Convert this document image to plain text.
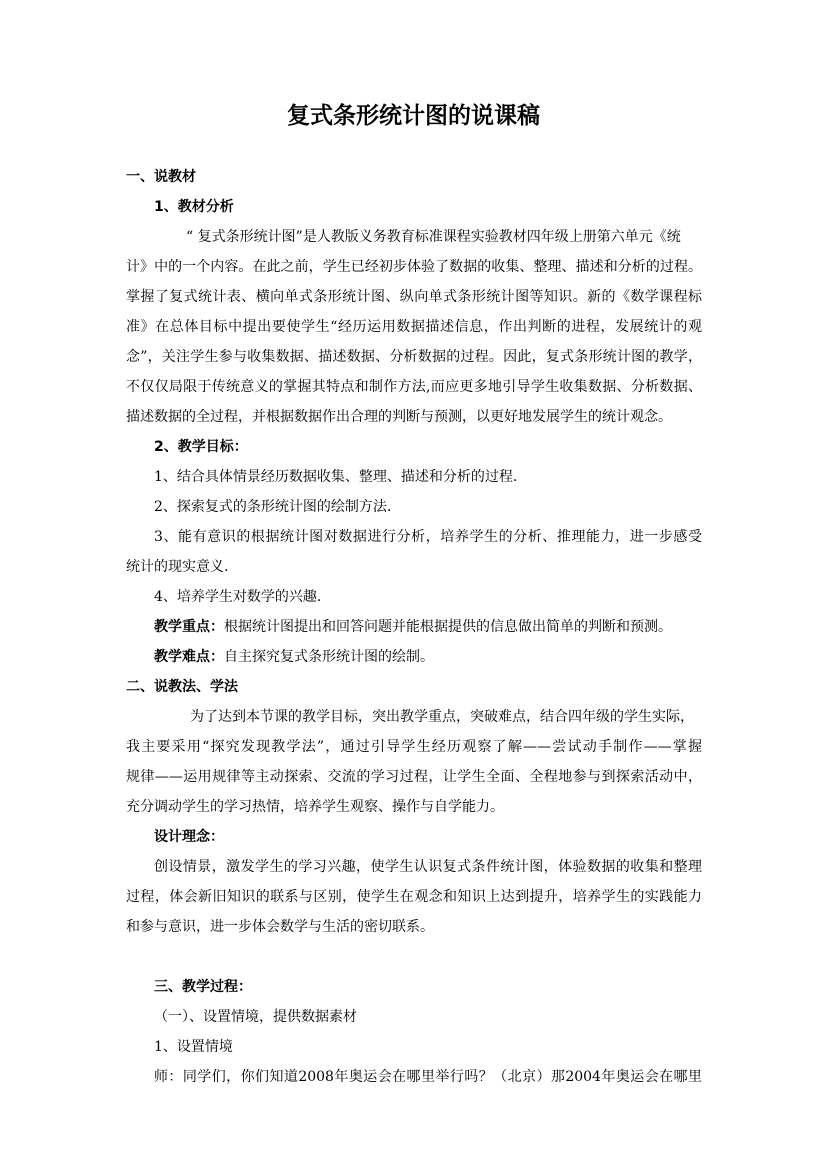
复式条形统计图的说课稿
一、说教材
1、教材分析
“ 复式条形统计图”是人教版义务教育标准课程实验教材四年级上册第六单元《统
计》中的一个内容。在此之前，学生已经初步体验了数据的收集、整理、描述和分析的过程。
掌握了复式统计表、横向单式条形统计图、纵向单式条形统计图等知识。新的《数学课程标
准》在总体目标中提出要使学生“经历运用数据描述信息，作出判断的进程，发展统计的观
念”，关注学生参与收集数据、描述数据、分析数据的过程。因此，复式条形统计图的教学，
不仅仅局限于传统意义的掌握其特点和制作方法,而应更多地引导学生收集数据、分析数据、
描述数据的全过程，并根据数据作出合理的判断与预测，以更好地发展学生的统计观念。
2、教学目标：
1、结合具体情景经历数据收集、整理、描述和分析的过程.
2、探索复式的条形统计图的绘制方法.
3、能有意识的根据统计图对数据进行分析，培养学生的分析、推理能力，进一步感受
统计的现实意义.
4、培养学生对数学的兴趣.
教学重点：根据统计图提出和回答问题并能根据提供的信息做出简单的判断和预测。
教学难点：自主探究复式条形统计图的绘制。
二、说教法、学法
为了达到本节课的教学目标，突出教学重点，突破难点，结合四年级的学生实际，
我主要采用“探究发现教学法”，通过引导学生经历观察了解——尝试动手制作——掌握
规律——运用规律等主动探索、交流的学习过程，让学生全面、全程地参与到探索活动中，
充分调动学生的学习热情，培养学生观察、操作与自学能力。
设计理念：
创设情景，激发学生的学习兴趣，使学生认识复式条件统计图，体验数据的收集和整理
过程，体会新旧知识的联系与区别，使学生在观念和知识上达到提升，培养学生的实践能力
和参与意识，进一步体会数学与生活的密切联系。
三、教学过程：
（一）、设置情境，提供数据素材
1、设置情境
师：同学们，你们知道2008年奥运会在哪里举行吗？（北京）那2004年奥运会在哪里
